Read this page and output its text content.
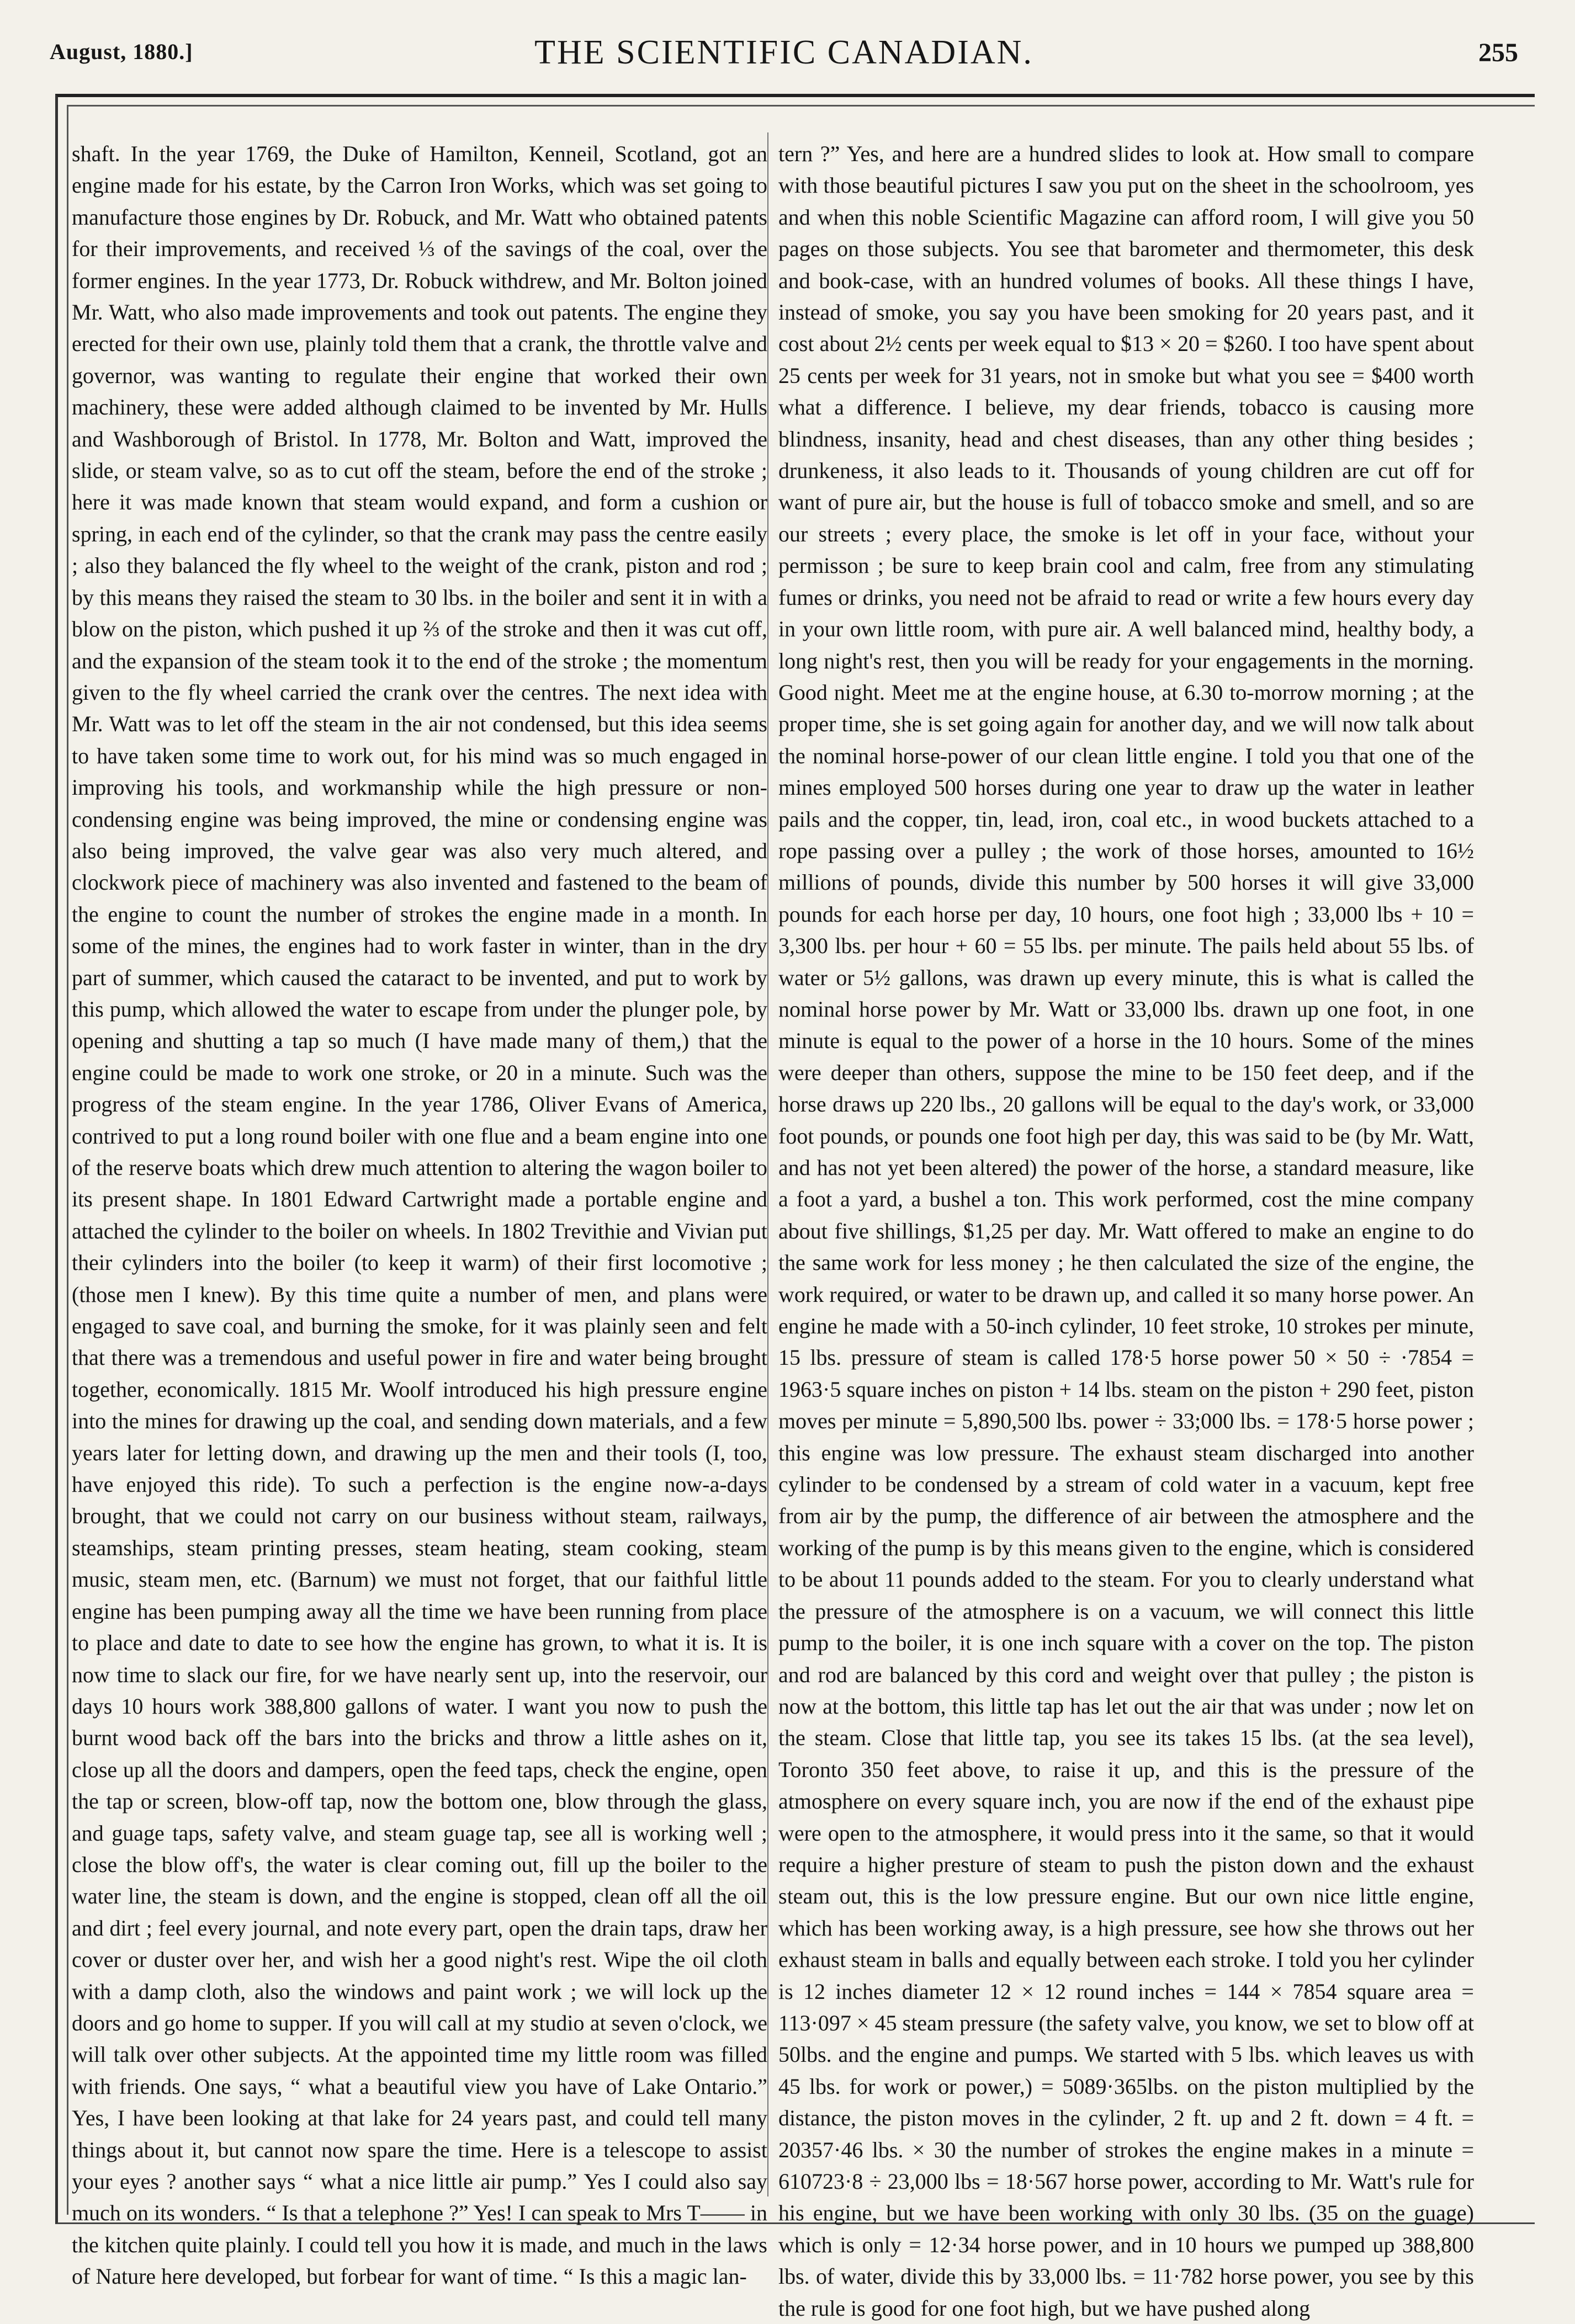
August, 1880.]	THE SCIENTIFIC CANADIAN.	255

shaft. In the year 1769, the Duke of Hamilton, Kenneil, Scotland, got an engine made for his estate, by the Carron Iron Works, which was set going to manufacture those engines by Dr. Robuck, and Mr. Watt who obtained patents for their improvements, and received ⅓ of the savings of the coal, over the former engines. In the year 1773, Dr. Robuck withdrew, and Mr. Bolton joined Mr. Watt, who also made improvements and took out patents. The engine they erected for their own use, plainly told them that a crank, the throttle valve and governor, was wanting to regulate their engine that worked their own machinery, these were added although claimed to be invented by Mr. Hulls and Washborough of Bristol. In 1778, Mr. Bolton and Watt, improved the slide, or steam valve, so as to cut off the steam, before the end of the stroke ; here it was made known that steam would expand, and form a cushion or spring, in each end of the cylinder, so that the crank may pass the centre easily ; also they balanced the fly wheel to the weight of the crank, piston and rod ; by this means they raised the steam to 30 lbs. in the boiler and sent it in with a blow on the piston, which pushed it up ⅔ of the stroke and then it was cut off, and the expansion of the steam took it to the end of the stroke ; the momentum given to the fly wheel carried the crank over the centres. The next idea with Mr. Watt was to let off the steam in the air not condensed, but this idea seems to have taken some time to work out, for his mind was so much engaged in improving his tools, and workmanship while the high pressure or non-condensing engine was being improved, the mine or condensing engine was also being improved, the valve gear was also very much altered, and clockwork piece of machinery was also invented and fastened to the beam of the engine to count the number of strokes the engine made in a month. In some of the mines, the engines had to work faster in winter, than in the dry part of summer, which caused the cataract to be invented, and put to work by this pump, which allowed the water to escape from under the plunger pole, by opening and shutting a tap so much (I have made many of them,) that the engine could be made to work one stroke, or 20 in a minute. Such was the progress of the steam engine. In the year 1786, Oliver Evans of America, contrived to put a long round boiler with one flue and a beam engine into one of the reserve boats which drew much attention to altering the wagon boiler to its present shape. In 1801 Edward Cartwright made a portable engine and attached the cylinder to the boiler on wheels. In 1802 Trevithie and Vivian put their cylinders into the boiler (to keep it warm) of their first locomotive ; (those men I knew). By this time quite a number of men, and plans were engaged to save coal, and burning the smoke, for it was plainly seen and felt that there was a tremendous and useful power in fire and water being brought together, economically. 1815 Mr. Woolf introduced his high pressure engine into the mines for drawing up the coal, and sending down materials, and a few years later for letting down, and drawing up the men and their tools (I, too, have enjoyed this ride). To such a perfection is the engine now-a-days brought, that we could not carry on our business without steam, railways, steamships, steam printing presses, steam heating, steam cooking, steam music, steam men, etc. (Barnum) we must not forget, that our faithful little engine has been pumping away all the time we have been running from place to place and date to date to see how the engine has grown, to what it is. It is now time to slack our fire, for we have nearly sent up, into the reservoir, our days 10 hours work 388,800 gallons of water. I want you now to push the burnt wood back off the bars into the bricks and throw a little ashes on it, close up all the doors and dampers, open the feed taps, check the engine, open the tap or screen, blow-off tap, now the bottom one, blow through the glass, and guage taps, safety valve, and steam guage tap, see all is working well ; close the blow off's, the water is clear coming out, fill up the boiler to the water line, the steam is down, and the engine is stopped, clean off all the oil and dirt ; feel every journal, and note every part, open the drain taps, draw her cover or duster over her, and wish her a good night's rest. Wipe the oil cloth with a damp cloth, also the windows and paint work ; we will lock up the doors and go home to supper. If you will call at my studio at seven o'clock, we will talk over other subjects. At the appointed time my little room was filled with friends. One says, “ what a beautiful view you have of Lake Ontario.” Yes, I have been looking at that lake for 24 years past, and could tell many things about it, but cannot now spare the time. Here is a telescope to assist your eyes ? another says “ what a nice little air pump.” Yes I could also say much on its wonders. “ Is that a telephone ?” Yes! I can speak to Mrs T—— in the kitchen quite plainly. I could tell you how it is made, and much in the laws of Nature here developed, but forbear for want of time. “ Is this a magic lan-

tern ?” Yes, and here are a hundred slides to look at. How small to compare with those beautiful pictures I saw you put on the sheet in the schoolroom, yes and when this noble Scientific Magazine can afford room, I will give you 50 pages on those subjects. You see that barometer and thermometer, this desk and book-case, with an hundred volumes of books. All these things I have, instead of smoke, you say you have been smoking for 20 years past, and it cost about 2½ cents per week equal to $13 × 20 = $260. I too have spent about 25 cents per week for 31 years, not in smoke but what you see = $400 worth what a difference. I believe, my dear friends, tobacco is causing more blindness, insanity, head and chest diseases, than any other thing besides ; drunkeness, it also leads to it. Thousands of young children are cut off for want of pure air, but the house is full of tobacco smoke and smell, and so are our streets ; every place, the smoke is let off in your face, without your permisson ; be sure to keep brain cool and calm, free from any stimulating fumes or drinks, you need not be afraid to read or write a few hours every day in your own little room, with pure air. A well balanced mind, healthy body, a long night's rest, then you will be ready for your engagements in the morning. Good night. Meet me at the engine house, at 6.30 to-morrow morning ; at the proper time, she is set going again for another day, and we will now talk about the nominal horse-power of our clean little engine. I told you that one of the mines employed 500 horses during one year to draw up the water in leather pails and the copper, tin, lead, iron, coal etc., in wood buckets attached to a rope passing over a pulley ; the work of those horses, amounted to 16½ millions of pounds, divide this number by 500 horses it will give 33,000 pounds for each horse per day, 10 hours, one foot high ; 33,000 lbs + 10 = 3,300 lbs. per hour + 60 = 55 lbs. per minute. The pails held about 55 lbs. of water or 5½ gallons, was drawn up every minute, this is what is called the nominal horse power by Mr. Watt or 33,000 lbs. drawn up one foot, in one minute is equal to the power of a horse in the 10 hours. Some of the mines were deeper than others, suppose the mine to be 150 feet deep, and if the horse draws up 220 lbs., 20 gallons will be equal to the day's work, or 33,000 foot pounds, or pounds one foot high per day, this was said to be (by Mr. Watt, and has not yet been altered) the power of the horse, a standard measure, like a foot a yard, a bushel a ton. This work performed, cost the mine company about five shillings, $1,25 per day. Mr. Watt offered to make an engine to do the same work for less money ; he then calculated the size of the engine, the work required, or water to be drawn up, and called it so many horse power. An engine he made with a 50-inch cylinder, 10 feet stroke, 10 strokes per minute, 15 lbs. pressure of steam is called 178·5 horse power 50 × 50 ÷ ·7854 = 1963·5 square inches on piston + 14 lbs. steam on the piston + 290 feet, piston moves per minute = 5,890,500 lbs. power ÷ 33;000 lbs. = 178·5 horse power ; this engine was low pressure. The exhaust steam discharged into another cylinder to be condensed by a stream of cold water in a vacuum, kept free from air by the pump, the difference of air between the atmosphere and the working of the pump is by this means given to the engine, which is considered to be about 11 pounds added to the steam. For you to clearly understand what the pressure of the atmosphere is on a vacuum, we will connect this little pump to the boiler, it is one inch square with a cover on the top. The piston and rod are balanced by this cord and weight over that pulley ; the piston is now at the bottom, this little tap has let out the air that was under ; now let on the steam. Close that little tap, you see its takes 15 lbs. (at the sea level), Toronto 350 feet above, to raise it up, and this is the pressure of the atmosphere on every square inch, you are now if the end of the exhaust pipe were open to the atmosphere, it would press into it the same, so that it would require a higher presture of steam to push the piston down and the exhaust steam out, this is the low pressure engine. But our own nice little engine, which has been working away, is a high pressure, see how she throws out her exhaust steam in balls and equally between each stroke. I told you her cylinder is 12 inches diameter 12 × 12 round inches = 144 × 7854 square area = 113·097 × 45 steam pressure (the safety valve, you know, we set to blow off at 50lbs. and the engine and pumps. We started with 5 lbs. which leaves us with 45 lbs. for work or power,) = 5089·365lbs. on the piston multiplied by the distance, the piston moves in the cylinder, 2 ft. up and 2 ft. down = 4 ft. = 20357·46 lbs. × 30 the number of strokes the engine makes in a minute = 610723·8 ÷ 23,000 lbs = 18·567 horse power, according to Mr. Watt's rule for his engine, but we have been working with only 30 lbs. (35 on the guage) which is only = 12·34 horse power, and in 10 hours we pumped up 388,800 lbs. of water, divide this by 33,000 lbs. = 11·782 horse power, you see by this the rule is good for one foot high, but we have pushed along
